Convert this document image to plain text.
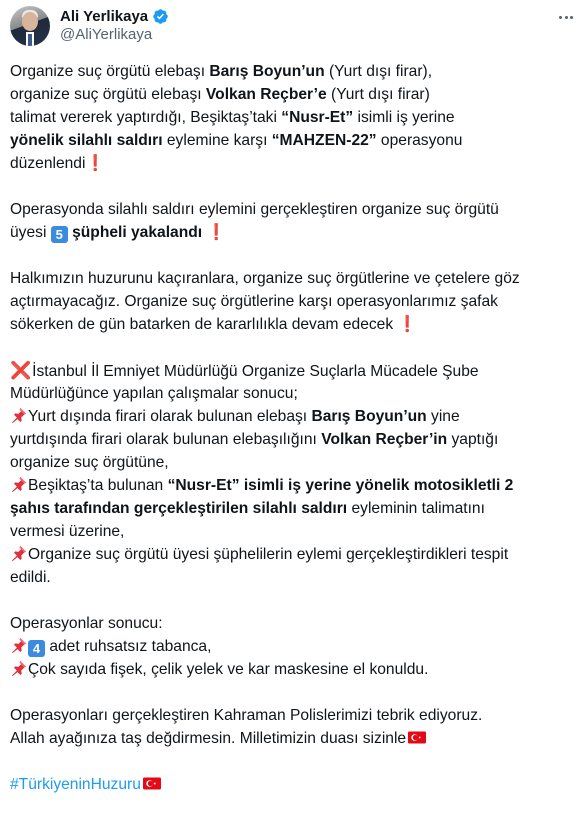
Ali Yerlikaya
@AliYerlikaya
Organize suç örgütü elebaşı Barış Boyun’un (Yurt dışı firar),
organize suç örgütü elebaşı Volkan Reçber’e (Yurt dışı firar)
talimat vererek yaptırdığı, Beşiktaş’taki “Nusr-Et” isimli iş yerine
yönelik silahlı saldırı eylemine karşı “MAHZEN-22” operasyonu
düzenlendi❗
Operasyonda silahlı saldırı eylemini gerçekleştiren organize suç örgütü
üyesi 5 şüpheli yakalandı ❗
Halkımızın huzurunu kaçıranlara, organize suç örgütlerine ve çetelere göz
açtırmayacağız. Organize suç örgütlerine karşı operasyonlarımız şafak
sökerken de gün batarken de kararlılıkla devam edecek ❗
❌İstanbul İl Emniyet Müdürlüğü Organize Suçlarla Mücadele Şube
Müdürlüğünce yapılan çalışmalar sonucu;
Yurt dışında firari olarak bulunan elebaşı Barış Boyun’un yine
yurtdışında firari olarak bulunan elebaşılığını Volkan Reçber’in yaptığı
organize suç örgütüne,
Beşiktaş’ta bulunan “Nusr-Et” isimli iş yerine yönelik motosikletli 2
şahıs tarafından gerçekleştirilen silahlı saldırı eyleminin talimatını
vermesi üzerine,
Organize suç örgütü üyesi şüphelilerin eylemi gerçekleştirdikleri tespit
edildi.
Operasyonlar sonucu:
4 adet ruhsatsız tabanca,
Çok sayıda fişek, çelik yelek ve kar maskesine el konuldu.
Operasyonları gerçekleştiren Kahraman Polislerimizi tebrik ediyoruz.
Allah ayağınıza taş değdirmesin. Milletimizin duası sizinle
#TürkiyeninHuzuru
